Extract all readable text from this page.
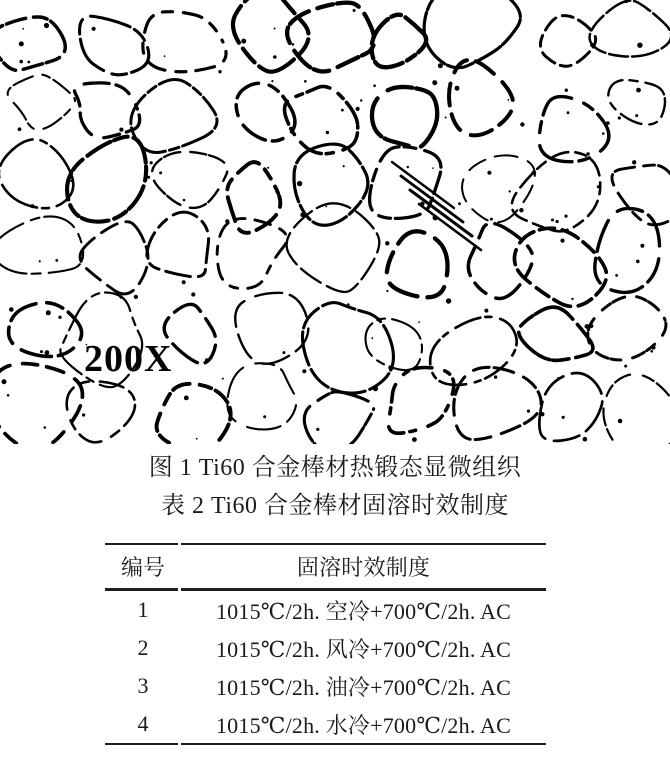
200X
图 1 Ti60 合金棒材热锻态显微组织
表 2 Ti60 合金棒材固溶时效制度
编号	固溶时效制度
1	1015℃/2h. 空冷+700℃/2h. AC
2	1015℃/2h. 风冷+700℃/2h. AC
3	1015℃/2h. 油冷+700℃/2h. AC
4	1015℃/2h. 水冷+700℃/2h. AC
